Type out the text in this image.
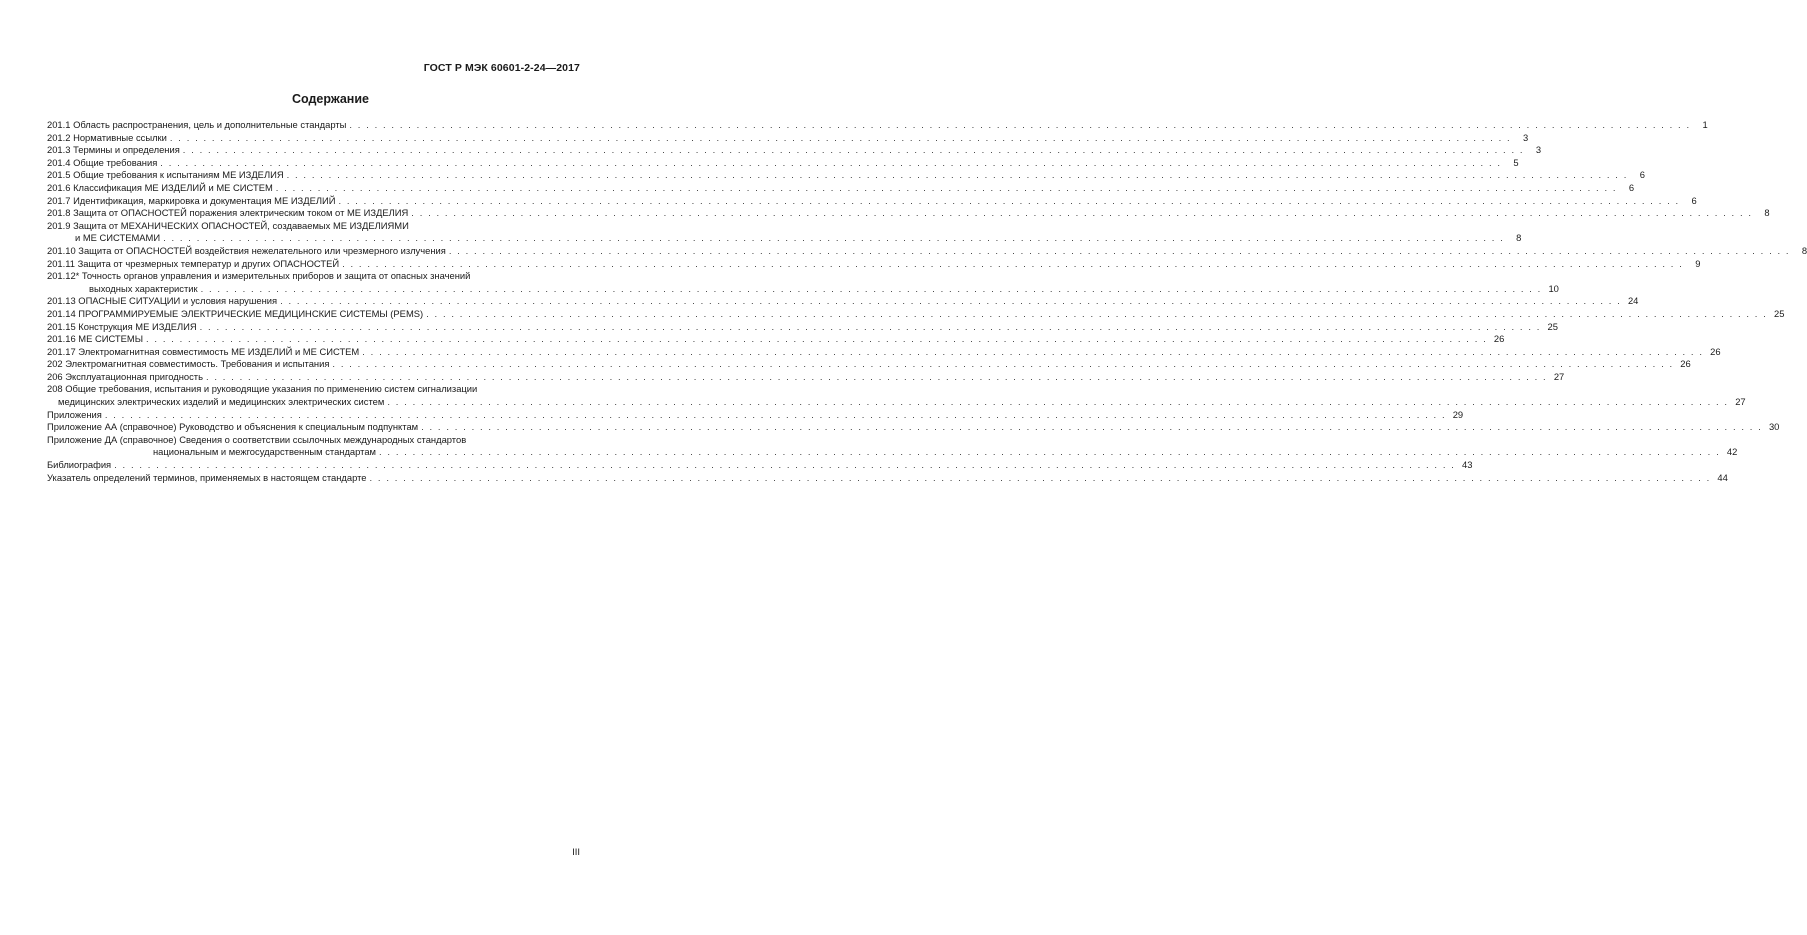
ГОСТ Р МЭК 60601-2-24—2017
Содержание
201.1 Область распространения, цель и дополнительные стандарты . . . . . . . . . . . . . . . . . . . . . . . . . . . . . . . . . . . . . . . . . . . . . . . . . . . . . . . . . . . . . . . . . . . . . . . . . . . . . . . . . . . . . . . . . . . . . . . . . . . . . . . . . . . . . . . . . . . . . . . . . . . . . . . . . . . . . . . . . . . . . . . . . . . . . . . . . . . . . . . .	1
201.2 Нормативные ссылки . . . . . . . . . . . . . . . . . . . . . . . . . . . . . . . . . . . . . . . . . . . . . . . . . . . . . . . . . . . . . . . . . . . . . . . . . . . . . . . . . . . . . . . . . . . . . . . . . . . . . . . . . . . . . . . . . . . . . . . . . . . . . . . . . . . . . . . . . . . . . . . . . . . . . . . . . . . . . . . .	3
201.3 Термины и определения . . . . . . . . . . . . . . . . . . . . . . . . . . . . . . . . . . . . . . . . . . . . . . . . . . . . . . . . . . . . . . . . . . . . . . . . . . . . . . . . . . . . . . . . . . . . . . . . . . . . . . . . . . . . . . . . . . . . . . . . . . . . . . . . . . . . . . . . . . . . . . . . . . . . . . . . . . . . . . . .	3
201.4 Общие требования . . . . . . . . . . . . . . . . . . . . . . . . . . . . . . . . . . . . . . . . . . . . . . . . . . . . . . . . . . . . . . . . . . . . . . . . . . . . . . . . . . . . . . . . . . . . . . . . . . . . . . . . . . . . . . . . . . . . . . . . . . . . . . . . . . . . . . . . . . . . . . . . . . . . . . . . . . . . . . . .	5
201.5 Общие требования к испытаниям МЕ ИЗДЕЛИЯ . . . . . . . . . . . . . . . . . . . . . . . . . . . . . . . . . . . . . . . . . . . . . . . . . . . . . . . . . . . . . . . . . . . . . . . . . . . . . . . . . . . . . . . . . . . . . . . . . . . . . . . . . . . . . . . . . . . . . . . . . . . . . . . . . . . . . . . . . . . . . . . . . . . . . . . . . . . . . . . .	6
201.6 Классификация МЕ ИЗДЕЛИЙ и МЕ СИСТЕМ . . . . . . . . . . . . . . . . . . . . . . . . . . . . . . . . . . . . . . . . . . . . . . . . . . . . . . . . . . . . . . . . . . . . . . . . . . . . . . . . . . . . . . . . . . . . . . . . . . . . . . . . . . . . . . . . . . . . . . . . . . . . . . . . . . . . . . . . . . . . . . . . . . . . . . . . . . . . . . . .	6
201.7 Идентификация, маркировка и документация МЕ ИЗДЕЛИЙ . . . . . . . . . . . . . . . . . . . . . . . . . . . . . . . . . . . . . . . . . . . . . . . . . . . . . . . . . . . . . . . . . . . . . . . . . . . . . . . . . . . . . . . . . . . . . . . . . . . . . . . . . . . . . . . . . . . . . . . . . . . . . . . . . . . . . . . . . . . . . . . . . . . . . . . . . . . . . . . .	6
201.8 Защита от ОПАСНОСТЕЙ поражения электрическим током от МЕ ИЗДЕЛИЯ . . . . . . . . . . . . . . . . . . . . . . . . . . . . . . . . . . . . . . . . . . . . . . . . . . . . . . . . . . . . . . . . . . . . . . . . . . . . . . . . . . . . . . . . . . . . . . . . . . . . . . . . . . . . . . . . . . . . . . . . . . . . . . . . . . . . . . . . . . . . . . . . . . . . . . . . . . . . . . . .	8
201.9 Защита от МЕХАНИЧЕСКИХ ОПАСНОСТЕЙ, создаваемых МЕ ИЗДЕЛИЯМИ
и МЕ СИСТЕМАМИ . . . . . . . . . . . . . . . . . . . . . . . . . . . . . . . . . . . . . . . . . . . . . . . . . . . . . . . . . . . . . . . . . . . . . . . . . . . . . . . . . . . . . . . . . . . . . . . . . . . . . . . . . . . . . . . . . . . . . . . . . . . . . . . . . . . . . . . . . . . . . . . . . . . . . . . . . . . . . . . .	8
201.10 Защита от ОПАСНОСТЕЙ воздействия нежелательного или чрезмерного излучения . . . . . . . . . . . . . . . . . . . . . . . . . . . . . . . . . . . . . . . . . . . . . . . . . . . . . . . . . . . . . . . . . . . . . . . . . . . . . . . . . . . . . . . . . . . . . . . . . . . . . . . . . . . . . . . . . . . . . . . . . . . . . . . . . . . . . . . . . . . . . . . . . . . . . . . . . . . . . . . .	8
201.11 Защита от чрезмерных температур и других ОПАСНОСТЕЙ . . . . . . . . . . . . . . . . . . . . . . . . . . . . . . . . . . . . . . . . . . . . . . . . . . . . . . . . . . . . . . . . . . . . . . . . . . . . . . . . . . . . . . . . . . . . . . . . . . . . . . . . . . . . . . . . . . . . . . . . . . . . . . . . . . . . . . . . . . . . . . . . . . . . . . . . . . . . . . . .	9
201.12* Точность органов управления и измерительных приборов и защита от опасных значений
выходных характеристик . . . . . . . . . . . . . . . . . . . . . . . . . . . . . . . . . . . . . . . . . . . . . . . . . . . . . . . . . . . . . . . . . . . . . . . . . . . . . . . . . . . . . . . . . . . . . . . . . . . . . . . . . . . . . . . . . . . . . . . . . . . . . . . . . . . . . . . . . . . . . . . . . . . . . . . . . . . . . . . . 10
201.13 ОПАСНЫЕ СИТУАЦИИ и условия нарушения . . . . . . . . . . . . . . . . . . . . . . . . . . . . . . . . . . . . . . . . . . . . . . . . . . . . . . . . . . . . . . . . . . . . . . . . . . . . . . . . . . . . . . . . . . . . . . . . . . . . . . . . . . . . . . . . . . . . . . . . . . . . . . . . . . . . . . . . . . . . . . . . . . . . . . . . . . . . . . . . 24
201.14 ПРОГРАММИРУЕМЫЕ ЭЛЕКТРИЧЕСКИЕ МЕДИЦИНСКИЕ СИСТЕМЫ (PEMS) . . . . . . . . . . . . . . . . . . . . . . . . . . . . . . . . . . . . . . . . . . . . . . . . . . . . . . . . . . . . . . . . . . . . . . . . . . . . . . . . . . . . . . . . . . . . . . . . . . . . . . . . . . . . . . . . . . . . . . . . . . . . . . . . . . . . . . . . . . . . . . . . . . . . . . . . . . . . . . . . 25
201.15 Конструкция МЕ ИЗДЕЛИЯ . . . . . . . . . . . . . . . . . . . . . . . . . . . . . . . . . . . . . . . . . . . . . . . . . . . . . . . . . . . . . . . . . . . . . . . . . . . . . . . . . . . . . . . . . . . . . . . . . . . . . . . . . . . . . . . . . . . . . . . . . . . . . . . . . . . . . . . . . . . . . . . . . . . . . . . . . . . . . . . . 25
201.16 МЕ СИСТЕМЫ . . . . . . . . . . . . . . . . . . . . . . . . . . . . . . . . . . . . . . . . . . . . . . . . . . . . . . . . . . . . . . . . . . . . . . . . . . . . . . . . . . . . . . . . . . . . . . . . . . . . . . . . . . . . . . . . . . . . . . . . . . . . . . . . . . . . . . . . . . . . . . . . . . . . . . . . . . . . . . . . 26
201.17 Электромагнитная совместимость МЕ ИЗДЕЛИЙ и МЕ СИСТЕМ . . . . . . . . . . . . . . . . . . . . . . . . . . . . . . . . . . . . . . . . . . . . . . . . . . . . . . . . . . . . . . . . . . . . . . . . . . . . . . . . . . . . . . . . . . . . . . . . . . . . . . . . . . . . . . . . . . . . . . . . . . . . . . . . . . . . . . . . . . . . . . . . . . . . . . . . . . . . . . . . 26
202 Электромагнитная совместимость. Требования и испытания . . . . . . . . . . . . . . . . . . . . . . . . . . . . . . . . . . . . . . . . . . . . . . . . . . . . . . . . . . . . . . . . . . . . . . . . . . . . . . . . . . . . . . . . . . . . . . . . . . . . . . . . . . . . . . . . . . . . . . . . . . . . . . . . . . . . . . . . . . . . . . . . . . . . . . . . . . . . . . . . 26
206 Эксплуатационная пригодность . . . . . . . . . . . . . . . . . . . . . . . . . . . . . . . . . . . . . . . . . . . . . . . . . . . . . . . . . . . . . . . . . . . . . . . . . . . . . . . . . . . . . . . . . . . . . . . . . . . . . . . . . . . . . . . . . . . . . . . . . . . . . . . . . . . . . . . . . . . . . . . . . . . . . . . . . . . . . . . . 27
208 Общие требования, испытания и руководящие указания по применению систем сигнализации
медицинских электрических изделий и медицинских электрических систем . . . . . . . . . . . . . . . . . . . . . . . . . . . . . . . . . . . . . . . . . . . . . . . . . . . . . . . . . . . . . . . . . . . . . . . . . . . . . . . . . . . . . . . . . . . . . . . . . . . . . . . . . . . . . . . . . . . . . . . . . . . . . . . . . . . . . . . . . . . . . . . . . . . . . . . . . . . . . . . . 27
Приложения . . . . . . . . . . . . . . . . . . . . . . . . . . . . . . . . . . . . . . . . . . . . . . . . . . . . . . . . . . . . . . . . . . . . . . . . . . . . . . . . . . . . . . . . . . . . . . . . . . . . . . . . . . . . . . . . . . . . . . . . . . . . . . . . . . . . . . . . . . . . . . . . . . . . . . . . . . . . . . . . 29
Приложение АА (справочное) Руководство и объяснения к специальным подпунктам . . . . . . . . . . . . . . . . . . . . . . . . . . . . . . . . . . . . . . . . . . . . . . . . . . . . . . . . . . . . . . . . . . . . . . . . . . . . . . . . . . . . . . . . . . . . . . . . . . . . . . . . . . . . . . . . . . . . . . . . . . . . . . . . . . . . . . . . . . . . . . . . . . . . . . . . . . . . . . . . 30
Приложение ДА (справочное) Сведения о соответствии ссылочных международных стандартов
национальным и межгосударственным стандартам . . . . . . . . . . . . . . . . . . . . . . . . . . . . . . . . . . . . . . . . . . . . . . . . . . . . . . . . . . . . . . . . . . . . . . . . . . . . . . . . . . . . . . . . . . . . . . . . . . . . . . . . . . . . . . . . . . . . . . . . . . . . . . . . . . . . . . . . . . . . . . . . . . . . . . . . . . . . . . . . 42
Библиография . . . . . . . . . . . . . . . . . . . . . . . . . . . . . . . . . . . . . . . . . . . . . . . . . . . . . . . . . . . . . . . . . . . . . . . . . . . . . . . . . . . . . . . . . . . . . . . . . . . . . . . . . . . . . . . . . . . . . . . . . . . . . . . . . . . . . . . . . . . . . . . . . . . . . . . . . . . . . . . . 43
Указатель определений терминов, применяемых в настоящем стандарте . . . . . . . . . . . . . . . . . . . . . . . . . . . . . . . . . . . . . . . . . . . . . . . . . . . . . . . . . . . . . . . . . . . . . . . . . . . . . . . . . . . . . . . . . . . . . . . . . . . . . . . . . . . . . . . . . . . . . . . . . . . . . . . . . . . . . . . . . . . . . . . . . . . . . . . . . . . . . . . . 44
III
